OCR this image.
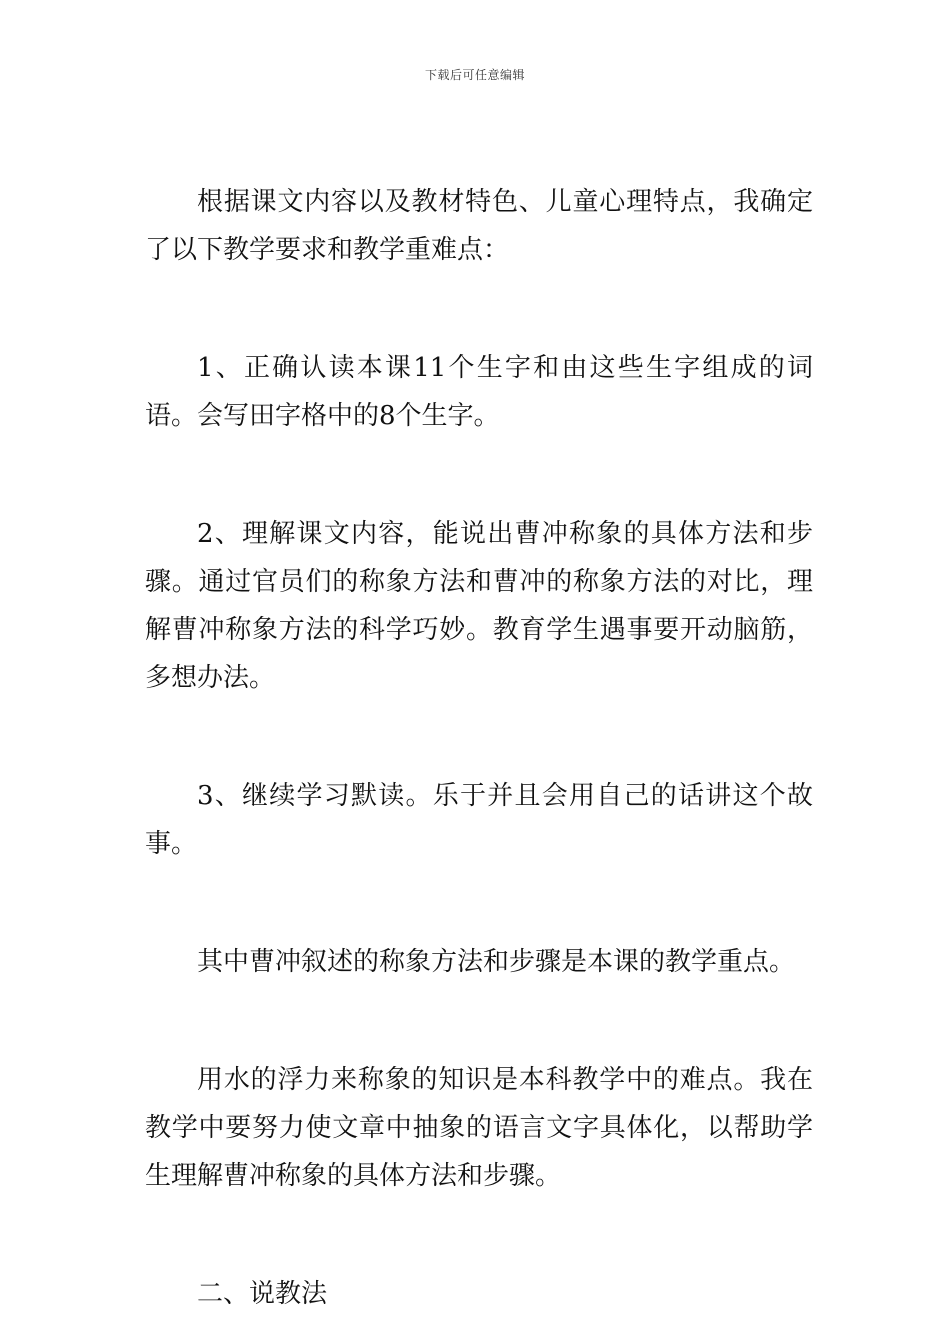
下载后可任意编辑

根据课文内容以及教材特色、儿童心理特点，我确定了以下教学要求和教学重难点：

1、正确认读本课11个生字和由这些生字组成的词语。会写田字格中的8个生字。

2、理解课文内容，能说出曹冲称象的具体方法和步骤。通过官员们的称象方法和曹冲的称象方法的对比，理解曹冲称象方法的科学巧妙。教育学生遇事要开动脑筋，多想办法。

3、继续学习默读。乐于并且会用自己的话讲这个故事。

其中曹冲叙述的称象方法和步骤是本课的教学重点。

用水的浮力来称象的知识是本科教学中的难点。我在教学中要努力使文章中抽象的语言文字具体化，以帮助学生理解曹冲称象的具体方法和步骤。

二、说教法
